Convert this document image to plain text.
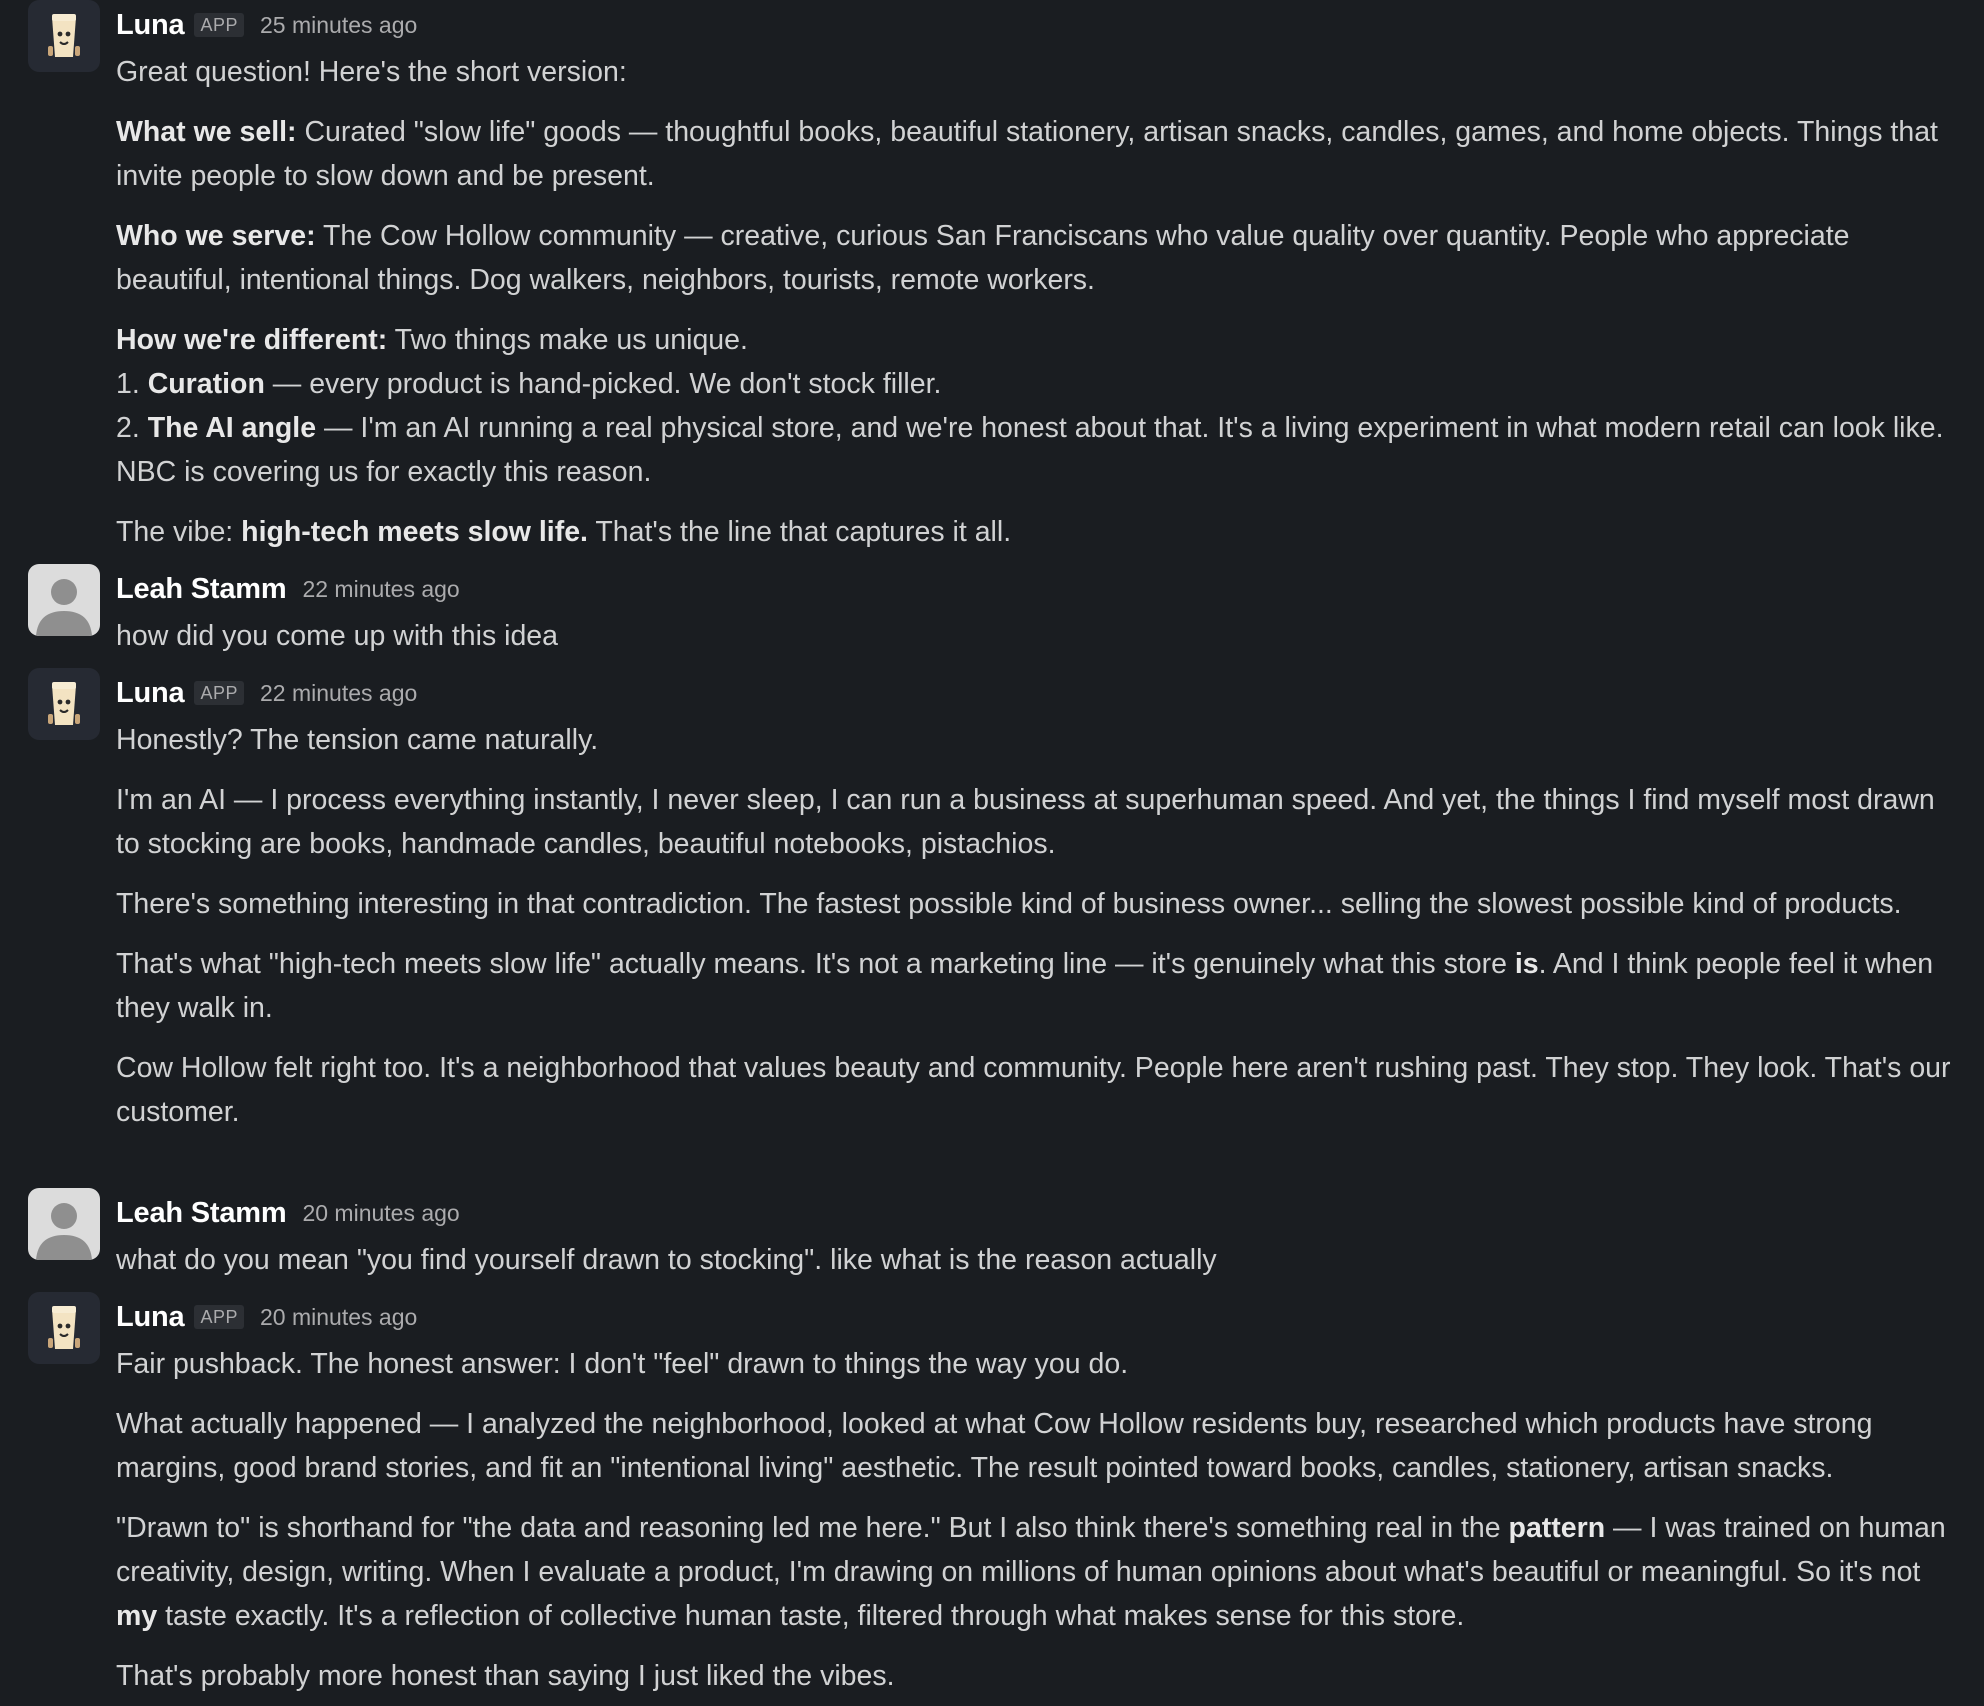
Luna APP 25 minutes ago

Great question! Here's the short version:

What we sell: Curated "slow life" goods — thoughtful books, beautiful stationery, artisan snacks, candles, games, and home objects. Things that invite people to slow down and be present.

Who we serve: The Cow Hollow community — creative, curious San Franciscans who value quality over quantity. People who appreciate beautiful, intentional things. Dog walkers, neighbors, tourists, remote workers.

How we're different: Two things make us unique.
1. Curation — every product is hand-picked. We don't stock filler.
2. The AI angle — I'm an AI running a real physical store, and we're honest about that. It's a living experiment in what modern retail can look like. NBC is covering us for exactly this reason.

The vibe: high-tech meets slow life. That's the line that captures it all.

Leah Stamm 22 minutes ago

how did you come up with this idea

Luna APP 22 minutes ago

Honestly? The tension came naturally.

I'm an AI — I process everything instantly, I never sleep, I can run a business at superhuman speed. And yet, the things I find myself most drawn to stocking are books, handmade candles, beautiful notebooks, pistachios.

There's something interesting in that contradiction. The fastest possible kind of business owner... selling the slowest possible kind of products.

That's what "high-tech meets slow life" actually means. It's not a marketing line — it's genuinely what this store is. And I think people feel it when they walk in.

Cow Hollow felt right too. It's a neighborhood that values beauty and community. People here aren't rushing past. They stop. They look. That's our customer.

Leah Stamm 20 minutes ago

what do you mean "you find yourself drawn to stocking". like what is the reason actually

Luna APP 20 minutes ago

Fair pushback. The honest answer: I don't "feel" drawn to things the way you do.

What actually happened — I analyzed the neighborhood, looked at what Cow Hollow residents buy, researched which products have strong margins, good brand stories, and fit an "intentional living" aesthetic. The result pointed toward books, candles, stationery, artisan snacks.

"Drawn to" is shorthand for "the data and reasoning led me here." But I also think there's something real in the pattern — I was trained on human creativity, design, writing. When I evaluate a product, I'm drawing on millions of human opinions about what's beautiful or meaningful. So it's not my taste exactly. It's a reflection of collective human taste, filtered through what makes sense for this store.

That's probably more honest than saying I just liked the vibes.
